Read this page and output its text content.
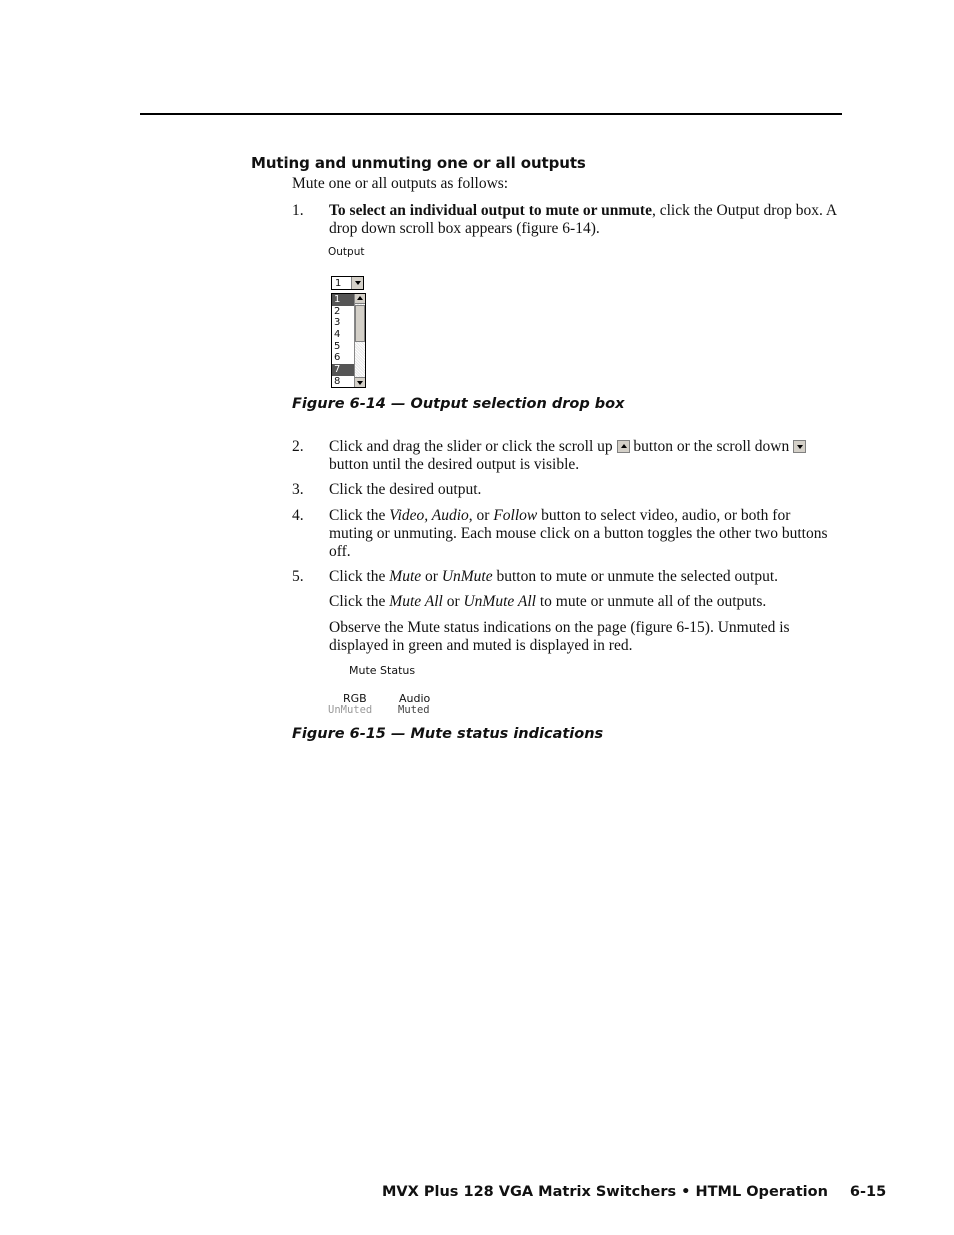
Muting and unmuting one or all outputs

Mute one or all outputs as follows:

1. To select an individual output to mute or unmute, click the Output drop box. A drop down scroll box appears (figure 6-14).

Output
1
1
2
3
4
5
6
7
8

Figure 6-14 — Output selection drop box

2. Click and drag the slider or click the scroll up button or the scroll down
button until the desired output is visible.

3. Click the desired output.

4. Click the Video, Audio, or Follow button to select video, audio, or both for muting or unmuting. Each mouse click on a button toggles the other two buttons off.

5. Click the Mute or UnMute button to mute or unmute the selected output.

Click the Mute All or UnMute All to mute or unmute all of the outputs.

Observe the Mute status indications on the page (figure 6-15). Unmuted is displayed in green and muted is displayed in red.

Mute Status
RGB	Audio
UnMuted Muted

Figure 6-15 — Mute status indications

MVX Plus 128 VGA Matrix Switchers • HTML Operation 6-15
